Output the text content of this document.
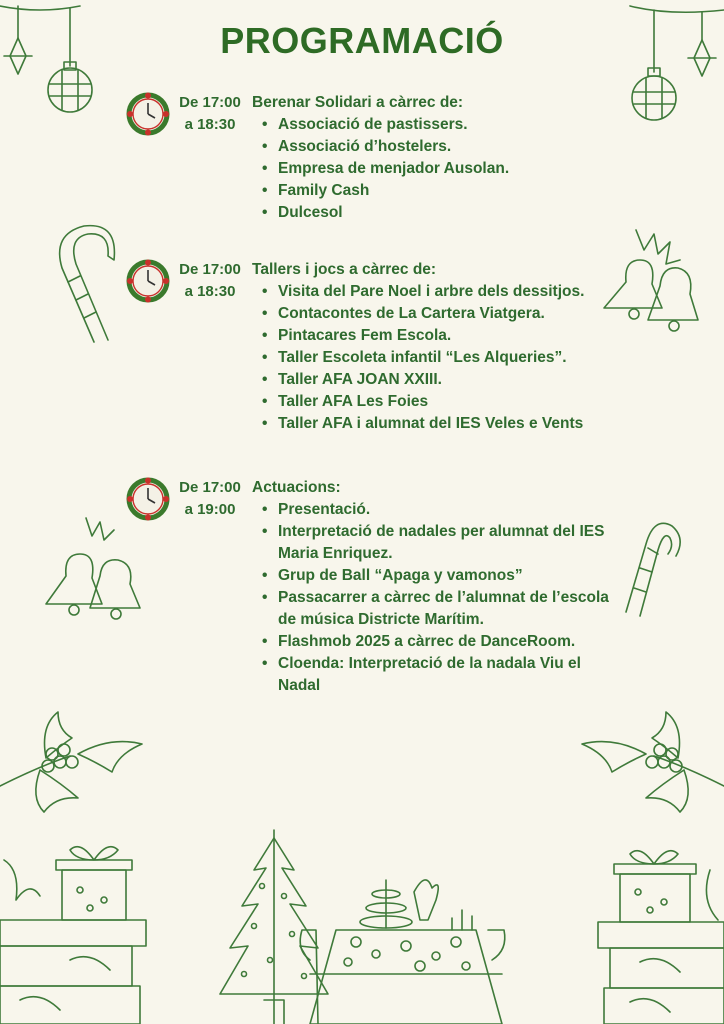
PROGRAMACIÓ
De 17:00
a 18:30

Berenar Solidari a càrrec de:

• Associació de pastissers.
• Associació d’hostelers.
• Empresa de menjador Ausolan.
• Family Cash
• Dulcesol
De 17:00
a 18:30

Tallers i jocs a càrrec de:

• Visita del Pare Noel i arbre dels dessitjos.
• Contacontes de La Cartera Viatgera.
• Pintacares Fem Escola.
• Taller Escoleta infantil “Les Alqueries”.
• Taller AFA JOAN XXIII.
• Taller AFA Les Foies
• Taller AFA i alumnat del IES Veles e Vents
De 17:00
a 19:00

Actuacions:

• Presentació.
• Interpretació de nadales per alumnat del IES Maria Enriquez.
• Grup de Ball “Apaga y vamonos”
• Passacarrer a càrrec de l’alumnat de l’escola de música Districte Marítim.
• Flashmob 2025 a càrrec de DanceRoom.
• Cloenda: Interpretació de la nadala Viu el Nadal
